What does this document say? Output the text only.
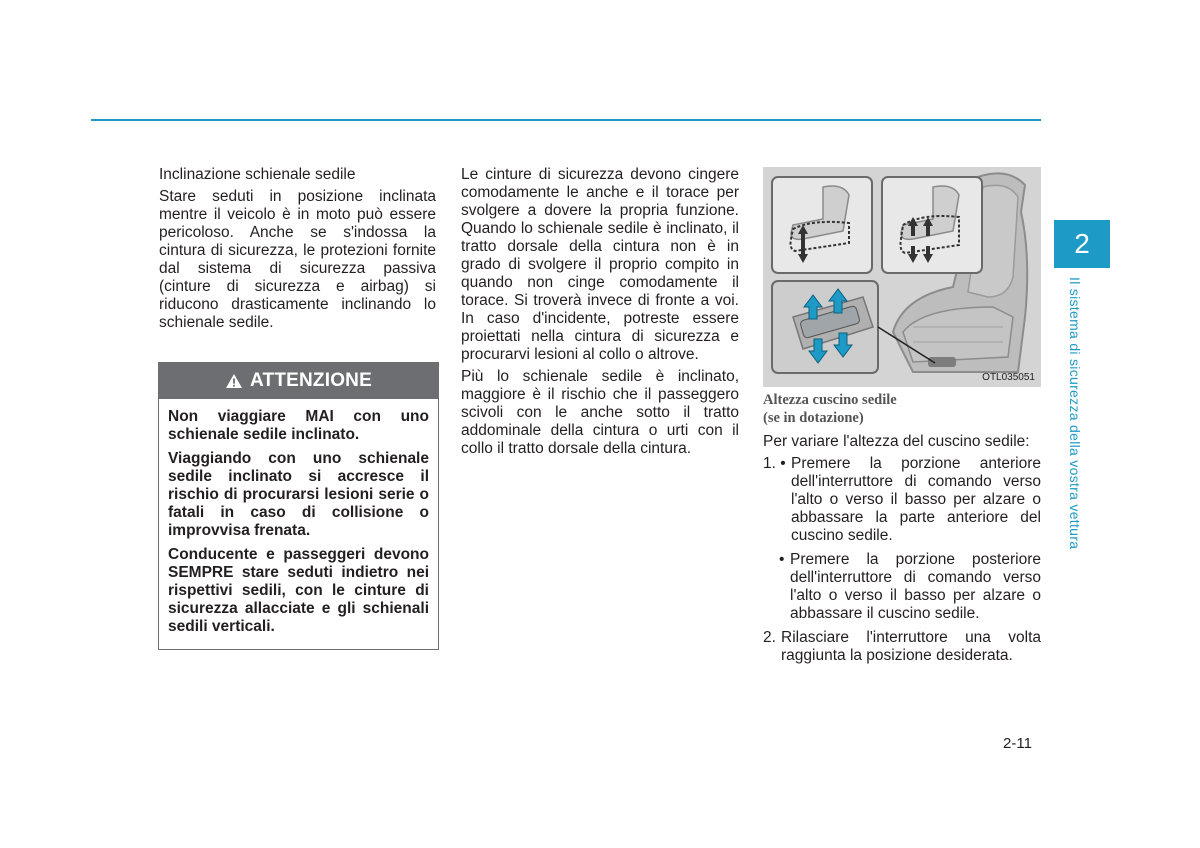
Inclinazione schienale sedile

Stare seduti in posizione inclinata mentre il veicolo è in moto può essere pericoloso. Anche se s'indossa la cintura di sicurezza, le protezioni fornite dal sistema di sicurezza passiva (cinture di sicurezza e airbag) si riducono drasticamente inclinando lo schienale sedile.

ATTENZIONE

Non viaggiare MAI con uno schienale sedile inclinato.

Viaggiando con uno schienale sedile inclinato si accresce il rischio di procurarsi lesioni serie o fatali in caso di collisione o improvvisa frenata.

Conducente e passeggeri devono SEMPRE stare seduti indietro nei rispettivi sedili, con le cinture di sicurezza allacciate e gli schienali sedili verticali.

Le cinture di sicurezza devono cingere comodamente le anche e il torace per svolgere a dovere la propria funzione. Quando lo schienale sedile è inclinato, il tratto dorsale della cintura non è in grado di svolgere il proprio compito in quando non cinge comodamente il torace. Si troverà invece di fronte a voi. In caso d'incidente, potreste essere proiettati nella cintura di sicurezza e procurarvi lesioni al collo o altrove.

Più lo schienale sedile è inclinato, maggiore è il rischio che il passeggero scivoli con le anche sotto il tratto addominale della cintura o urti con il collo il tratto dorsale della cintura.

OTL035051
Altezza cuscino sedile
(se in dotazione)

Per variare l'altezza del cuscino sedile:

1. • Premere la porzione anteriore dell'interruttore di comando verso l'alto o verso il basso per alzare o abbassare la parte anteriore del cuscino sedile.
• Premere la porzione posteriore dell'interruttore di comando verso l'alto o verso il basso per alzare o abbassare il cuscino sedile.
2. Rilasciare l'interruttore una volta raggiunta la posizione desiderata.
2
Il sistema di sicurezza della vostra vettura
2-11
